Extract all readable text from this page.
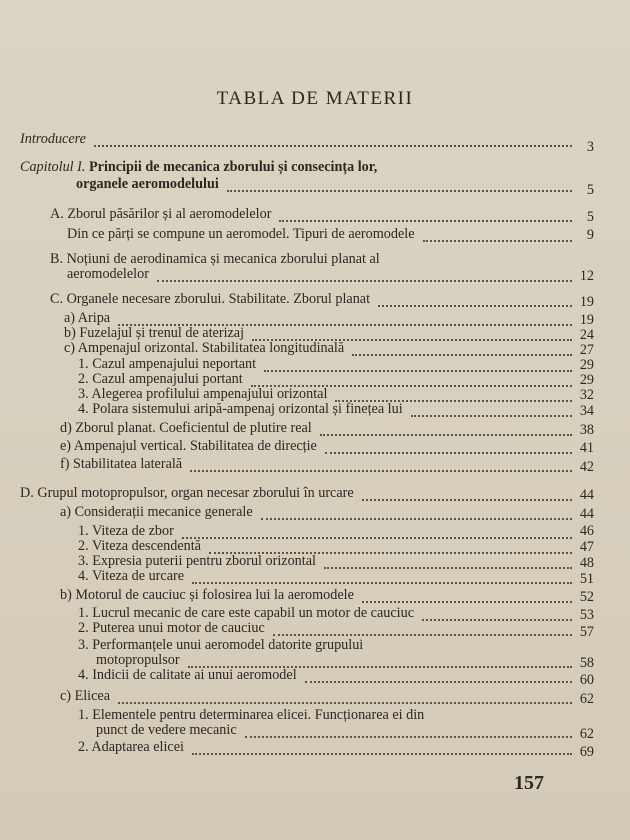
TABLA DE MATERII
Introducere	3
Capitolul I. Principii de mecanica zborului și consecința lor,
organele aeromodelului	5
A. Zborul păsărilor și al aeromodelelor	5
Din ce părți se compune un aeromodel. Tipuri de aeromodele	9
B. Noțiuni de aerodinamica și mecanica zborului planat al
aeromodelelor	12
C. Organele necesare zborului. Stabilitate. Zborul planat	19
a) Aripa	19
b) Fuzelajul și trenul de aterizaj	24
c) Ampenajul orizontal. Stabilitatea longitudinală	27
1. Cazul ampenajului neportant	29
2. Cazul ampenajului portant	29
3. Alegerea profilului ampenajului orizontal	32
4. Polara sistemului aripă-ampenaj orizontal și finețea lui	34
d) Zborul planat. Coeficientul de plutire real	38
e) Ampenajul vertical. Stabilitatea de direcție	41
f) Stabilitatea laterală	42
D. Grupul motopropulsor, organ necesar zborului în urcare	44
a) Considerații mecanice generale	44
1. Viteza de zbor	46
2. Viteza descendentă	47
3. Expresia puterii pentru zborul orizontal	48
4. Viteza de urcare	51
b) Motorul de cauciuc și folosirea lui la aeromodele	52
1. Lucrul mecanic de care este capabil un motor de cauciuc	53
2. Puterea unui motor de cauciuc	57
3. Performanțele unui aeromodel datorite grupului
motopropulsor	58
4. Indicii de calitate ai unui aeromodel	60
c) Elicea	62
1. Elementele pentru determinarea elicei. Funcționarea ei din
punct de vedere mecanic	62
2. Adaptarea elicei	69
157
